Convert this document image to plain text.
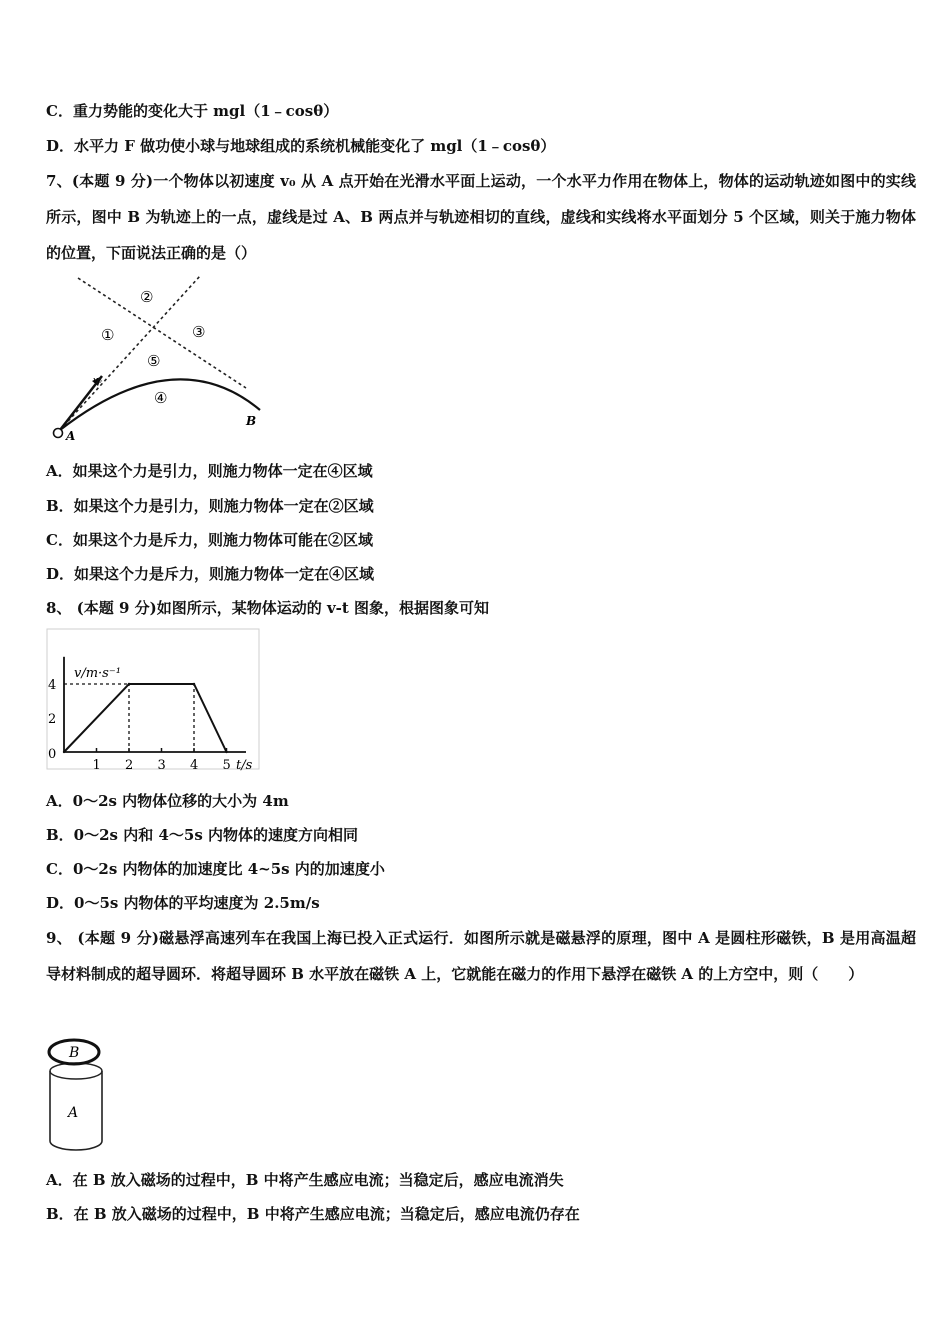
C．重力势能的变化大于 mgl（1﹣cosθ）
D．水平力 F 做功使小球与地球组成的系统机械能变化了 mgl（1﹣cosθ）
7、(本题 9 分)一个物体以初速度 v₀ 从 A 点开始在光滑水平面上运动，一个水平力作用在物体上，物体的运动轨迹如图中的实线所示，图中 B 为轨迹上的一点，虚线是过 A、B 两点并与轨迹相切的直线，虚线和实线将水平面划分 5 个区域，则关于施力物体的位置，下面说法正确的是（）
v₀
A
B
①
②
③
④
⑤
A．如果这个力是引力，则施力物体一定在④区域
B．如果这个力是引力，则施力物体一定在②区域
C．如果这个力是斥力，则施力物体可能在②区域
D．如果这个力是斥力，则施力物体一定在④区域
8、 (本题 9 分)如图所示，某物体运动的 v-t 图象，根据图象可知
1 2 3 4 5
2
4
v/m·s⁻¹
t/s
0
A．0～2s 内物体位移的大小为 4m
B．0～2s 内和 4～5s 内物体的速度方向相同
C．0～2s 内物体的加速度比 4~5s 内的加速度小
D．0～5s 内物体的平均速度为 2.5m/s
9、 (本题 9 分)磁悬浮高速列车在我国上海已投入正式运行．如图所示就是磁悬浮的原理，图中 A 是圆柱形磁铁，B 是用高温超导材料制成的超导圆环．将超导圆环 B 水平放在磁铁 A 上，它就能在磁力的作用下悬浮在磁铁 A 的上方空中，则（　　）
B
A
A．在 B 放入磁场的过程中，B 中将产生感应电流；当稳定后，感应电流消失
B．在 B 放入磁场的过程中，B 中将产生感应电流；当稳定后，感应电流仍存在
